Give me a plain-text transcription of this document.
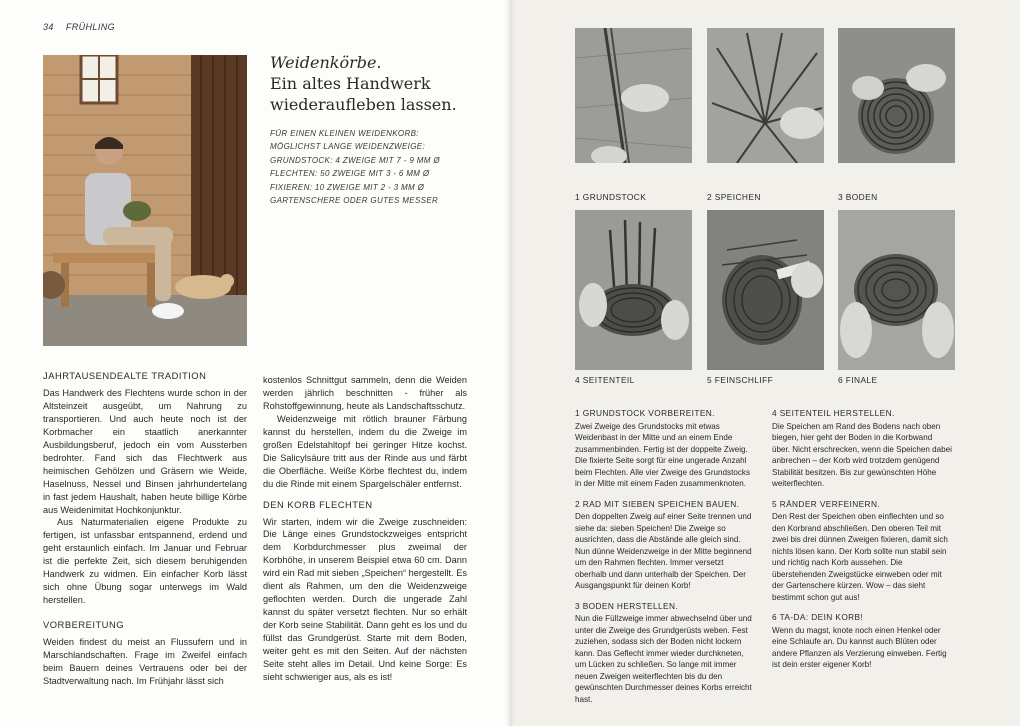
34 FRÜHLING
Weidenkörbe.
Ein altes Handwerk
wiederaufleben lassen.
FÜR EINEN KLEINEN WEIDENKORB:
MÖGLICHST LANGE WEIDENZWEIGE:
GRUNDSTOCK: 4 ZWEIGE MIT 7 - 9 MM Ø
FLECHTEN: 50 ZWEIGE MIT 3 - 6 MM Ø
FIXIEREN: 10 ZWEIGE MIT 2 - 3 MM Ø
GARTENSCHERE ODER GUTES MESSER
JAHRTAUSENDEALTE TRADITION

Das Handwerk des Flechtens wurde schon in der Altsteinzeit ausgeübt, um Nahrung zu transportieren. Und auch heute noch ist der Korbmacher ein staatlich anerkannter Ausbildungsberuf, jedoch ein vom Aussterben bedrohter. Fand sich das Flechtwerk aus heimischen Gehölzen und Gräsern wie Weide, Haselnuss, Nessel und Binsen jahrhundertelang in fast jedem Haushalt, haben heute billige Körbe aus Weidenimitat Hochkonjunktur.

Aus Naturmaterialien eigene Produkte zu fertigen, ist unfassbar entspannend, erdend und geht erstaunlich einfach. Im Januar und Februar ist die perfekte Zeit, sich diesem beruhigenden Handwerk zu widmen. Ein einfacher Korb lässt sich ohne Übung sogar unterwegs im Wald herstellen.

VORBEREITUNG

Weiden findest du meist an Flussufern und in Marschlandschaften. Frage im Zweifel einfach beim Bauern deines Vertrauens oder bei der Stadtverwaltung nach. Im Frühjahr lässt sich

kostenlos Schnittgut sammeln, denn die Weiden werden jährlich beschnitten - früher als Rohstoffgewinnung, heute als Landschaftsschutz.

Weidenzweige mit rötlich brauner Färbung kannst du herstellen, indem du die Zweige im großen Edelstahltopf bei geringer Hitze kochst. Die Salicylsäure tritt aus der Rinde aus und färbt die Oberfläche. Weiße Körbe flechtest du, indem du die Rinde mit einem Spargelschäler entfernst.

DEN KORB FLECHTEN

Wir starten, indem wir die Zweige zuschneiden: Die Länge eines Grundstockzweiges entspricht dem Korbdurchmesser plus zweimal der Korbhöhe, in unserem Beispiel etwa 60 cm. Dann wird ein Rad mit sieben „Speichen“ hergestellt. Es dient als Rahmen, um den die Weidenzweige geflochten werden. Durch die ungerade Zahl kannst du später versetzt flechten. Nur so erhält der Korb seine Stabilität. Dann geht es los und du füllst das Grundgerüst. Starte mit dem Boden, weiter geht es mit den Seiten. Auf der nächsten Seite steht alles im Detail. Und keine Sorge: Es sieht schwieriger aus, als es ist!

1 GRUNDSTOCK	2 SPEICHEN	3 BODEN
4 SEITENTEIL	5 FEINSCHLIFF	6 FINALE
1 GRUNDSTOCK VORBEREITEN.

Zwei Zweige des Grundstocks mit etwas Weidenbast in der Mitte und an einem Ende zusammenbinden. Fertig ist der doppelte Zweig. Die fixierte Seite sorgt für eine ungerade Anzahl beim Flechten. Alle vier Zweige des Grundstocks in der Mitte mit einem Faden zusammenknoten.

2 RAD MIT SIEBEN SPEICHEN BAUEN.

Den doppelten Zweig auf einer Seite trennen und siehe da: sieben Speichen! Die Zweige so ausrichten, dass die Abstände alle gleich sind. Nun dünne Weidenzweige in der Mitte beginnend um den Rahmen flechten. Immer versetzt oberhalb und dann unterhalb der Speichen. Der Ausgangspunkt für deinen Korb!

3 BODEN HERSTELLEN.

Nun die Füllzweige immer abwechselnd über und unter die Zweige des Grundgerüsts weben. Fest zuziehen, sodass sich der Boden nicht lockern kann. Das Geflecht immer wieder durchkneten, um Lücken zu schließen. So lange mit immer neuen Zweigen weiterflechten bis du den gewünschten Durchmesser deines Korbs erreicht hast.

4 SEITENTEIL HERSTELLEN.

Die Speichen am Rand des Bodens nach oben biegen, hier geht der Boden in die Korbwand über. Nicht erschrecken, wenn die Speichen dabei anbrechen – der Korb wird trotzdem genügend Stabilität besitzen. Bis zur gewünschten Höhe weiterflechten.

5 RÄNDER VERFEINERN.

Den Rest der Speichen oben einflechten und so den Korbrand abschließen. Den oberen Teil mit zwei bis drei dünnen Zweigen fixieren, damit sich nichts lösen kann. Der Korb sollte nun stabil sein und richtig nach Korb aussehen. Die überstehenden Zweigstücke einweben oder mit der Gartenschere kürzen. Wow – das sieht bestimmt schon gut aus!

6 TA-DA: DEIN KORB!

Wenn du magst, knote noch einen Henkel oder eine Schlaufe an. Du kannst auch Blüten oder andere Pflanzen als Verzierung einweben. Fertig ist dein erster eigener Korb!
